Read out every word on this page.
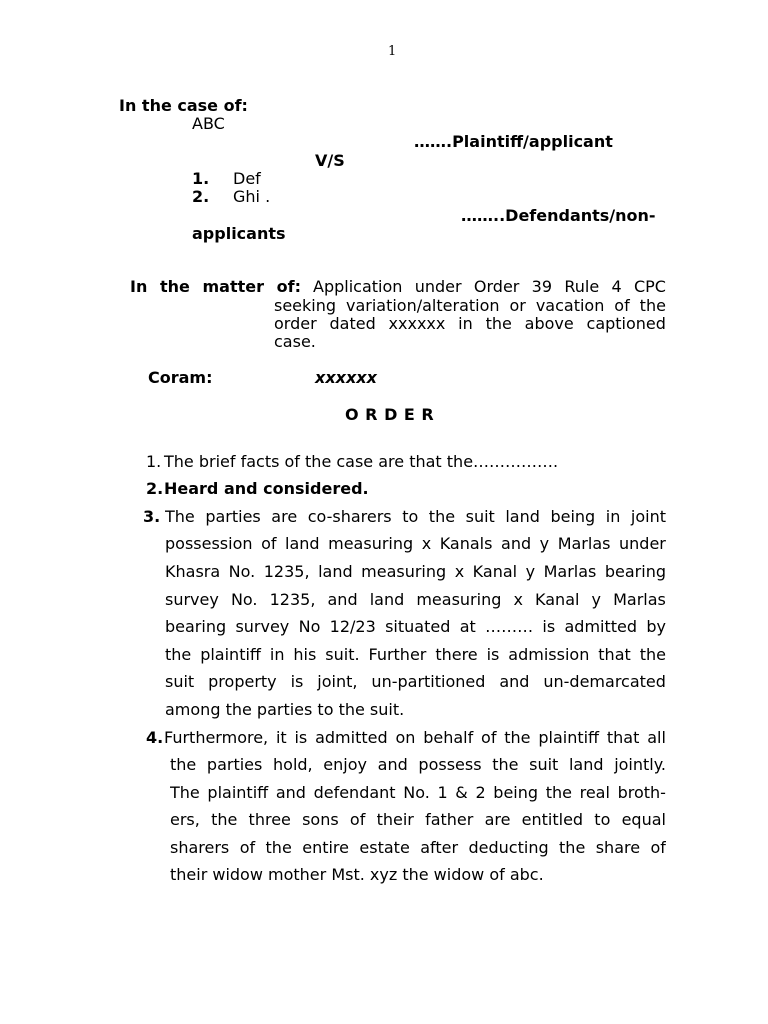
1
In the case of:
ABC
…….Plaintiff/applicant
V/S
1. Def
2. Ghi .
……..Defendants/non-
applicants
In the matter of: Application under Order 39 Rule 4 CPC
seeking variation/alteration or vacation of the
order dated xxxxxx in the above captioned
case.
Coram:	xxxxxx
O R D E R
1. The brief facts of the case are that the…………….
2. Heard and considered.
3. The parties are co-sharers to the suit land being in joint
possession of land measuring x Kanals and y Marlas under
Khasra No. 1235, land measuring x Kanal y Marlas bearing
survey No. 1235, and land measuring x Kanal y Marlas
bearing survey No 12/23 situated at ……… is admitted by
the plaintiff in his suit. Further there is admission that the
suit property is joint, un-partitioned and un-demarcated
among the parties to the suit.
4. Furthermore, it is admitted on behalf of the plaintiff that all
the parties hold, enjoy and possess the suit land jointly.
The plaintiff and defendant No. 1 & 2 being the real broth-
ers, the three sons of their father are entitled to equal
sharers of the entire estate after deducting the share of
their widow mother Mst. xyz the widow of abc.
